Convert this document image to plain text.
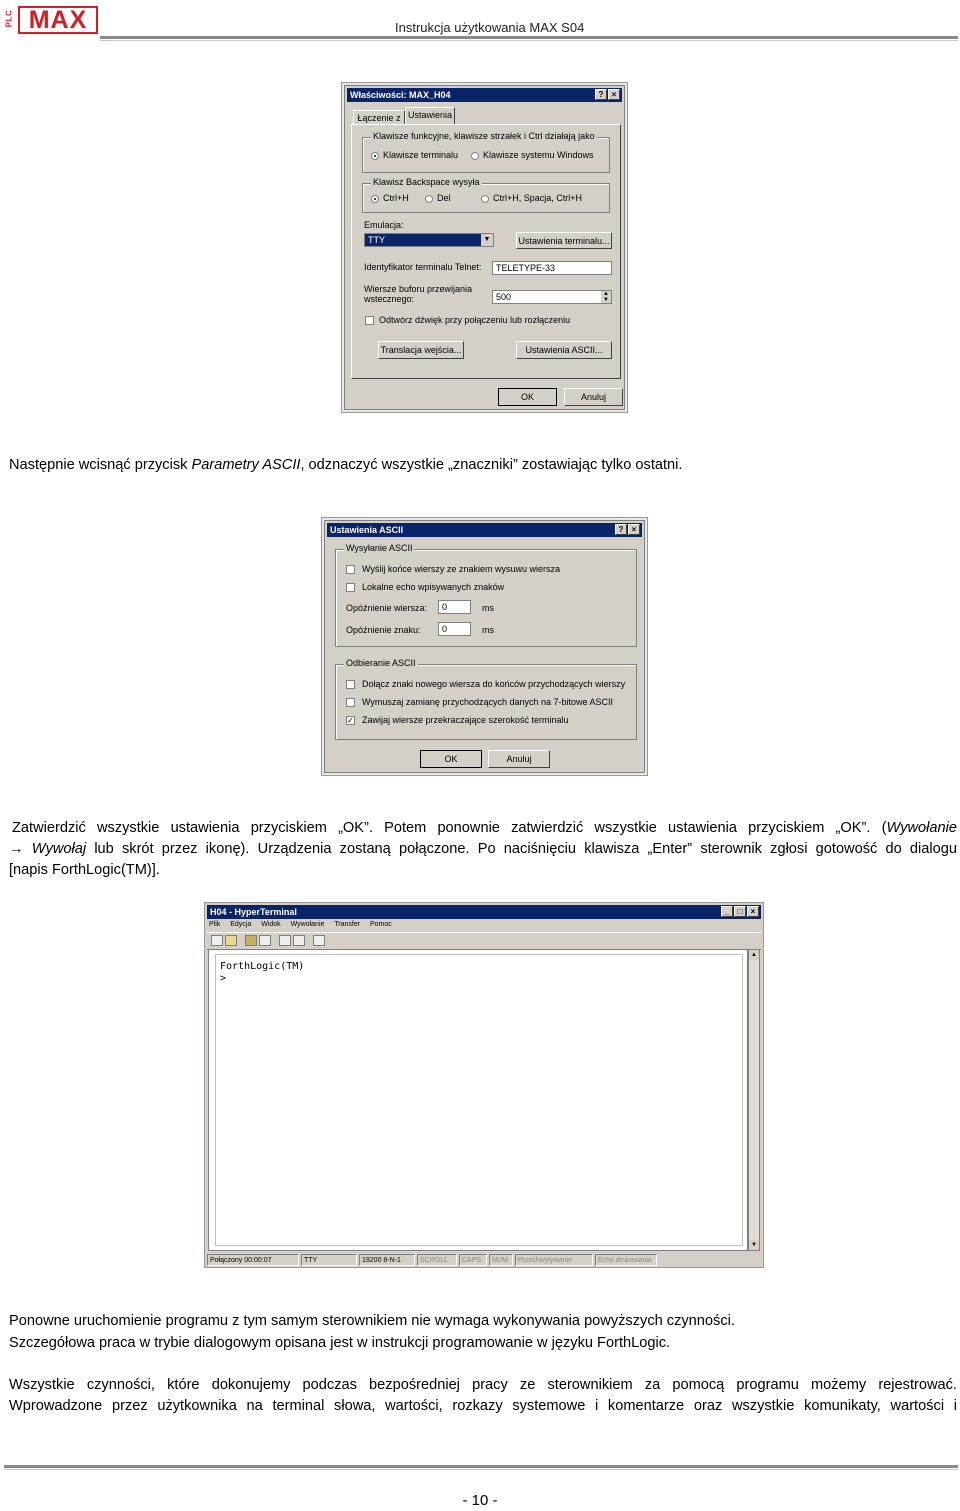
PLC MAX	Instrukcja użytkowania MAX S04
Właściwości: MAX_H04	?	×
Łączenie z Ustawienia
Klawisze funkcyjne, klawisze strzałek i Ctrl działają jako
Klawisze terminalu	Klawisze systemu Windows
Klawisz Backspace wysyła
Ctrl+H	Del	Ctrl+H, Spacja, Ctrl+H
Emulacja:
TTY	▼	Ustawienia terminalu...
Identyfikator terminalu Telnet:	TELETYPE-33
Wiersze buforu przewijania
wstecznego:	500	▲
▼
Odtwórz dźwięk przy połączeniu lub rozłączeniu
Translacja wejścia...	Ustawienia ASCII...
OK	Anuluj
Następnie wcisnąć przycisk Parametry ASCII, odznaczyć wszystkie „znaczniki” zostawiając tylko ostatni.
Ustawienia ASCII	?	×
Wysyłanie ASCII
Wyślij końce wierszy ze znakiem wysuwu wiersza
Lokalne echo wpisywanych znaków
Opóźnienie wiersza:	0	ms
Opóźnienie znaku:	0	ms
Odbieranie ASCII
Dołącz znaki nowego wiersza do końców przychodzących wierszy
Wymuszaj zamianę przychodzących danych na 7-bitowe ASCII
✓ Zawijaj wiersze przekraczające szerokość terminalu
OK	Anuluj
Zatwierdzić wszystkie ustawienia przyciskiem „OK”. Potem ponownie zatwierdzić wszystkie ustawienia przyciskiem „OK”. (Wywołanie
→ Wywołaj lub skrót przez ikonę). Urządzenia zostaną połączone. Po naciśnięciu klawisza „Enter” sterownik zgłosi gotowość do dialogu
[napis ForthLogic(TM)].
H04 - HyperTerminal	_	□	×
Plik Edycja Widok Wywołanie Transfer Pomoc
ForthLogic(TM)
>
▲
▼
Połączony 00:00:07	TTY	19200 8-N-1	SCROLL	CAPS	NUM	Przechwytywanie	Echo drukowania
Ponowne uruchomienie programu z tym samym sterownikiem nie wymaga wykonywania powyższych czynności.
Szczegółowa praca w trybie dialogowym opisana jest w instrukcji programowanie w języku ForthLogic.
Wszystkie czynności, które dokonujemy podczas bezpośredniej pracy ze sterownikiem za pomocą programu możemy rejestrować.
Wprowadzone przez użytkownika na terminal słowa, wartości, rozkazy systemowe i komentarze oraz wszystkie komunikaty, wartości i
- 10 -
